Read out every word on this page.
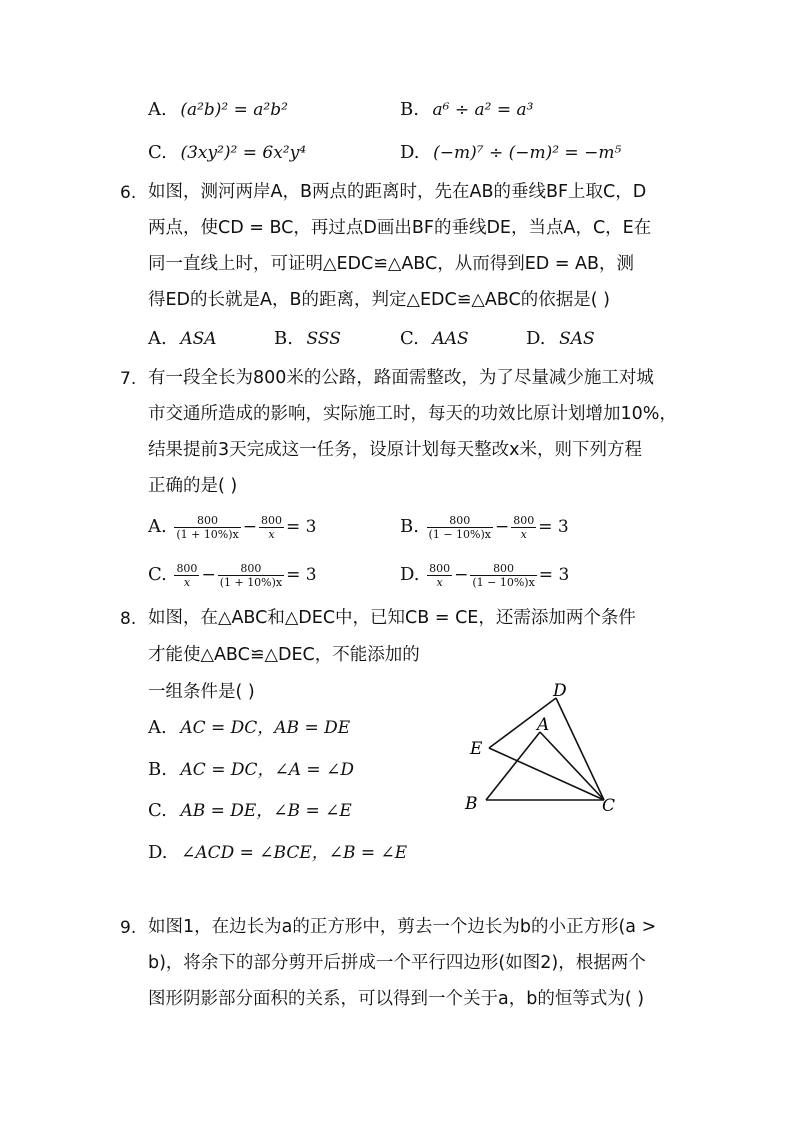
A. (a²b)² = a²b²	B. a⁶ ÷ a² = a³
C. (3xy²)² = 6x²y⁴	D. (−m)⁷ ÷ (−m)² = −m⁵
6. 如图，测河两岸A，B两点的距离时，先在AB的垂线BF上取C，D
两点，使CD = BC，再过点D画出BF的垂线DE，当点A，C，E在
同一直线上时，可证明△EDC≌△ABC，从而得到ED = AB，测
得ED的长就是A，B的距离，判定△EDC≌△ABC的依据是( )
A. ASA	B. SSS	C. AAS	D. SAS
7. 有一段全长为800米的公路，路面需整改，为了尽量减少施工对城
市交通所造成的影响，实际施工时，每天的功效比原计划增加10%，
结果提前3天完成这一任务，设原计划每天整改x米，则下列方程
正确的是( )
A. $\frac{800}{(1 + 10\%)x} - \frac{800}{x} = 3$	B. $\frac{800}{(1 - 10\%)x} - \frac{800}{x} = 3$
C. $\frac{800}{x} - \frac{800}{(1 + 10\%)x} = 3$	D. $\frac{800}{x} - \frac{800}{(1 - 10\%)x} = 3$
8. 如图，在△ABC和△DEC中，已知CB = CE，还需添加两个条件
才能使△ABC≌△DEC，不能添加的
一组条件是( )
A. AC = DC，AB = DE
B. AC = DC，∠A = ∠D
C. AB = DE，∠B = ∠E
D. ∠ACD = ∠BCE，∠B = ∠E
D
A
E
B	C
9. 如图1，在边长为a的正方形中，剪去一个边长为b的小正方形(a >
b)，将余下的部分剪开后拼成一个平行四边形(如图2)，根据两个
图形阴影部分面积的关系，可以得到一个关于a，b的恒等式为( )
